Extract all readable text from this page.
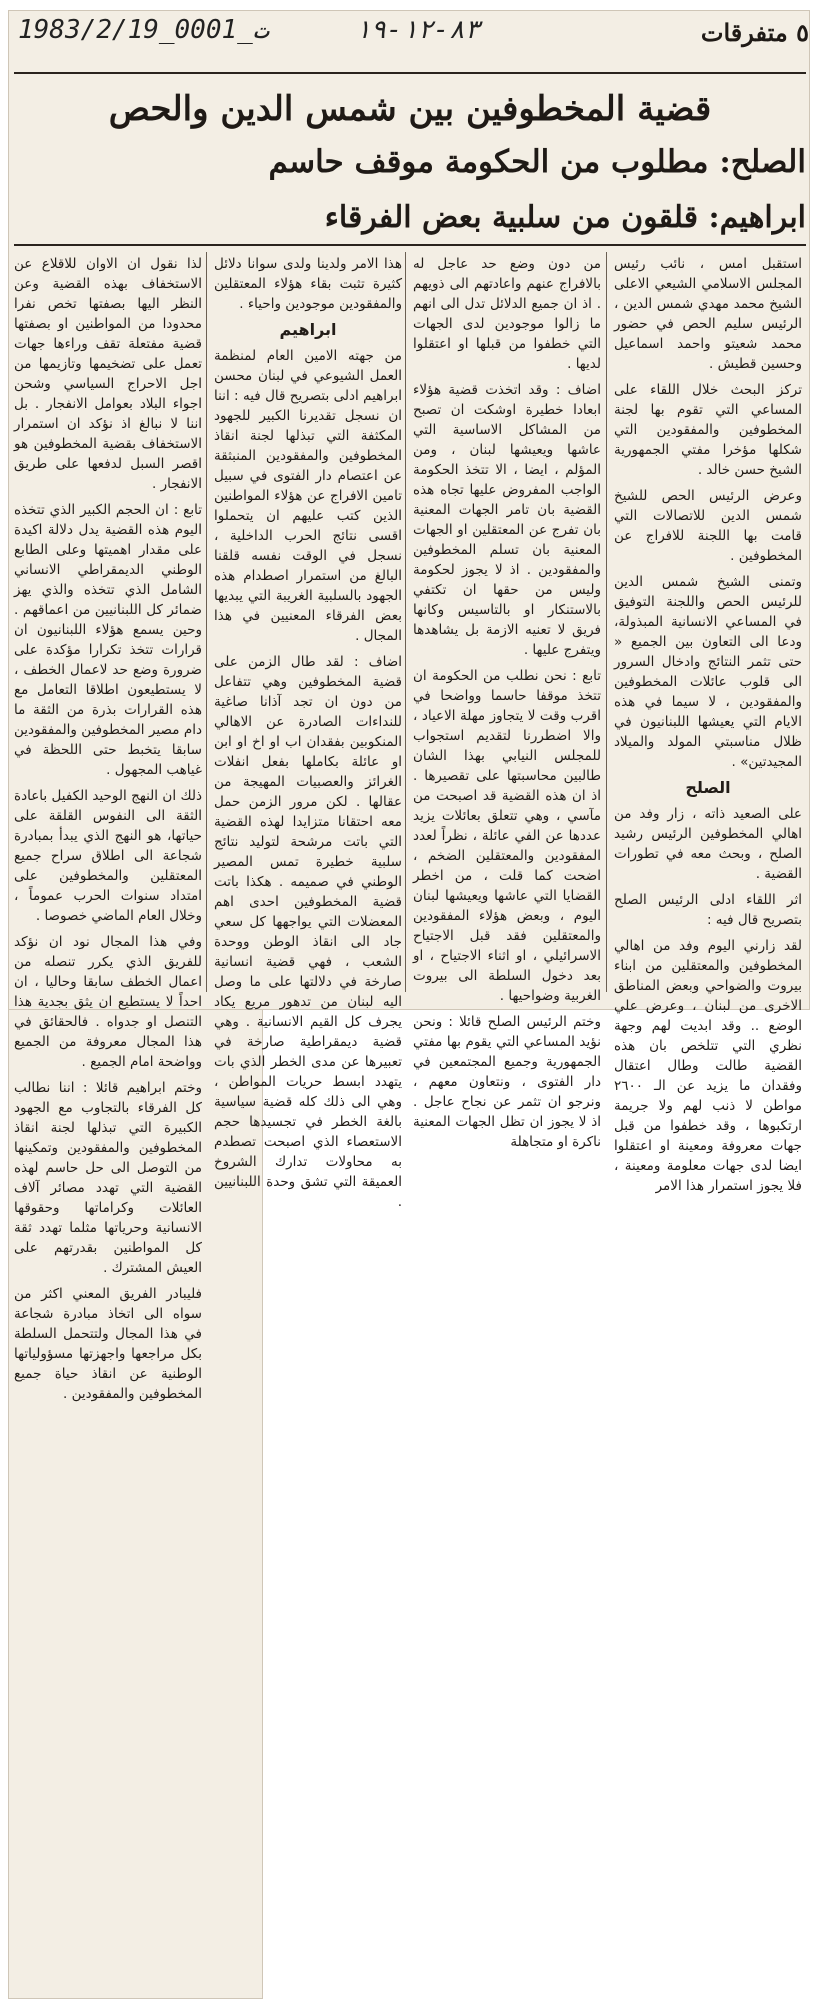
1983/2/19_0001_ت	٨٣-١٢-١٩	٥ متفرقات
قضية المخطوفين بين شمس الدين والحص
الصلح: مطلوب من الحكومة موقف حاسم
ابراهيم: قلقون من سلبية بعض الفرقاء

استقبل امس ، نائب رئيس المجلس الاسلامي الشيعي الاعلى الشيخ محمد مهدي شمس الدين ، الرئيس سليم الحص في حضور محمد شعيتو واحمد اسماعيل وحسين قطيش .

تركز البحث خلال اللقاء على المساعي التي تقوم بها لجنة المخطوفين والمفقودين التي شكلها مؤخرا مفتي الجمهورية الشيخ حسن خالد .

وعرض الرئيس الحص للشيخ شمس الدين للاتصالات التي قامت بها اللجنة للافراج عن المخطوفين .

وتمنى الشيخ شمس الدين للرئيس الحص واللجنة التوفيق في المساعي الانسانية المبذولة، ودعا الى التعاون بين الجميع « حتى تثمر النتائج وادخال السرور الى قلوب عائلات المخطوفين والمفقودين ، لا سيما في هذه الايام التي يعيشها اللبنانيون في ظلال مناسبتي المولد والميلاد المجيدتين» .

الصلح

على الصعيد ذاته ، زار وفد من اهالي المخطوفين الرئيس رشيد الصلح ، وبحث معه في تطورات القضية .

اثر اللقاء ادلى الرئيس الصلح بتصريح قال فيه :

لقد زارني اليوم وفد من اهالي المخطوفين والمعتقلين من ابناء بيروت والضواحي وبعض المناطق الاخرى من لبنان ، وعرض علي الوضع .. وقد ابديت لهم وجهة نظري التي تتلخص بان هذه القضية طالت وطال اعتقال وفقدان ما يزيد عن الـ ٢٦٠٠ مواطن لا ذنب لهم ولا جريمة ارتكبوها ، وقد خطفوا من قبل جهات معروفة ومعينة او اعتقلوا ايضا لدى جهات معلومة ومعينة ، فلا يجوز استمرار هذا الامر

من دون وضع حد عاجل له بالافراج عنهم واعادتهم الى ذويهم . اذ ان جميع الدلائل تدل الى انهم ما زالوا موجودين لدى الجهات التي خطفوا من قبلها او اعتقلوا لديها .

اضاف : وقد اتخذت قضية هؤلاء ابعادا خطيرة اوشكت ان تصبح من المشاكل الاساسية التي عاشها ويعيشها لبنان ، ومن المؤلم ، ايضا ، الا تتخذ الحكومة الواجب المفروض عليها تجاه هذه القضية بان تامر الجهات المعنية بان تفرج عن المعتقلين او الجهات المعنية بان تسلم المخطوفين والمفقودين . اذ لا يجوز لحكومة وليس من حقها ان تكتفي بالاستنكار او بالتاسيس وكانها فريق لا تعنيه الازمة بل يشاهدها ويتفرج عليها .

تابع : نحن نطلب من الحكومة ان تتخذ موقفا حاسما وواضحا في اقرب وقت لا يتجاوز مهلة الاعياد ، والا اضطررنا لتقديم استجواب للمجلس النيابي بهذا الشان طالبين محاسبتها على تقصيرها . اذ ان هذه القضية قد اصبحت من مآسي ، وهي تتعلق بعائلات يزيد عددها عن الفي عائلة ، نظراً لعدد المفقودين والمعتقلين الضخم ، اضحت كما قلت ، من اخطر القضايا التي عاشها ويعيشها لبنان اليوم ، وبعض هؤلاء المفقودين والمعتقلين فقد قبل الاجتياح الاسرائيلي ، او اثناء الاجتياح ، او بعد دخول السلطة الى بيروت الغربية وضواحيها .

وختم الرئيس الصلح قائلا : ونحن نؤيد المساعي التي يقوم بها مفتي الجمهورية وجميع المجتمعين في دار الفتوى ، ونتعاون معهم ، ونرجو ان تثمر عن نجاح عاجل . اذ لا يجوز ان تظل الجهات المعنية ناكرة او متجاهلة

هذا الامر ولدينا ولدى سوانا دلائل كثيرة تثبت بقاء هؤلاء المعتقلين والمفقودين موجودين واحياء .

ابراهيم

من جهته الامين العام لمنظمة العمل الشيوعي في لبنان محسن ابراهيم ادلى بتصريح قال فيه : اننا ان نسجل تقديرنا الكبير للجهود المكثفة التي تبذلها لجنة انقاذ المخطوفين والمفقودين المنبثقة عن اعتصام دار الفتوى في سبيل تامين الافراج عن هؤلاء المواطنين الذين كتب عليهم ان يتحملوا اقسى نتائج الحرب الداخلية ، نسجل في الوقت نفسه قلقنا البالغ من استمرار اصطدام هذه الجهود بالسلبية الغريبة التي يبديها بعض الفرقاء المعنيين في هذا المجال .

اضاف : لقد طال الزمن على قضية المخطوفين وهي تتفاعل من دون ان تجد آذانا صاغية للنداءات الصادرة عن الاهالي المنكوبين بفقدان اب او اخ او ابن او عائلة بكاملها بفعل انفلات الغرائز والعصبيات المهيجة من عقالها . لكن مرور الزمن حمل معه احتقانا متزايدا لهذه القضية التي باتت مرشحة لتوليد نتائج سلبية خطيرة تمس المصير الوطني في صميمه . هكذا باتت قضية المخطوفين احدى اهم المعضلات التي يواجهها كل سعي جاد الى انقاذ الوطن ووحدة الشعب ، فهي قضية انسانية صارخة في دلالتها على ما وصل اليه لبنان من تدهور مريع يكاد يجرف كل القيم الانسانية . وهي قضية ديمقراطية صارخة في تعبيرها عن مدى الخطر الذي بات يتهدد ابسط حريات المواطن ، وهي الى ذلك كله قضية سياسية بالغة الخطر في تجسيدها حجم الاستعصاء الذي اصبحت تصطدم به محاولات تدارك الشروخ العميقة التي تشق وحدة اللبنانيين .

لذا نقول ان الاوان للاقلاع عن الاستخفاف بهذه القضية وعن النظر اليها بصفتها تخص نفرا محدودا من المواطنين او بصفتها قضية مفتعلة تقف وراءها جهات تعمل على تضخيمها وتازيمها من اجل الاحراج السياسي وشحن اجواء البلاد بعوامل الانفجار . بل اننا لا نبالغ اذ نؤكد ان استمرار الاستخفاف بقضية المخطوفين هو اقصر السبل لدفعها على طريق الانفجار .

تابع : ان الحجم الكبير الذي تتخذه اليوم هذه القضية يدل دلالة اكيدة على مقدار اهميتها وعلى الطابع الوطني الديمقراطي الانساني الشامل الذي تتخذه والذي يهز ضمائر كل اللبنانيين من اعماقهم . وحين يسمع هؤلاء اللبنانيون ان قرارات تتخذ تكرارا مؤكدة على ضرورة وضع حد لاعمال الخطف ، لا يستطيعون اطلاقا التعامل مع هذه القرارات بذرة من الثقة ما دام مصير المخطوفين والمفقودين سابقا يتخبط حتى اللحظة في غياهب المجهول .

ذلك ان النهج الوحيد الكفيل باعادة الثقة الى النفوس القلقة على حياتها، هو النهج الذي يبدأ بمبادرة شجاعة الى اطلاق سراح جميع المعتقلين والمخطوفين على امتداد سنوات الحرب عموماً ، وخلال العام الماضي خصوصا .

وفي هذا المجال نود ان نؤكد للفريق الذي يكرر تنصله من اعمال الخطف سابقا وحاليا ، ان احداً لا يستطيع ان يثق بجدية هذا التنصل او جدواه . فالحقائق في هذا المجال معروفة من الجميع وواضحة امام الجميع .

وختم ابراهيم قائلا : اننا نطالب كل الفرقاء بالتجاوب مع الجهود الكبيرة التي تبذلها لجنة انقاذ المخطوفين والمفقودين وتمكينها من التوصل الى حل حاسم لهذه القضية التي تهدد مصائر آلاف العائلات وكراماتها وحقوقها الانسانية وحرياتها مثلما تهدد ثقة كل المواطنين بقدرتهم على العيش المشترك .

فليبادر الفريق المعني اكثر من سواه الى اتخاذ مبادرة شجاعة في هذا المجال ولتتحمل السلطة بكل مراجعها واجهزتها مسؤولياتها الوطنية عن انقاذ حياة جميع المخطوفين والمفقودين .
